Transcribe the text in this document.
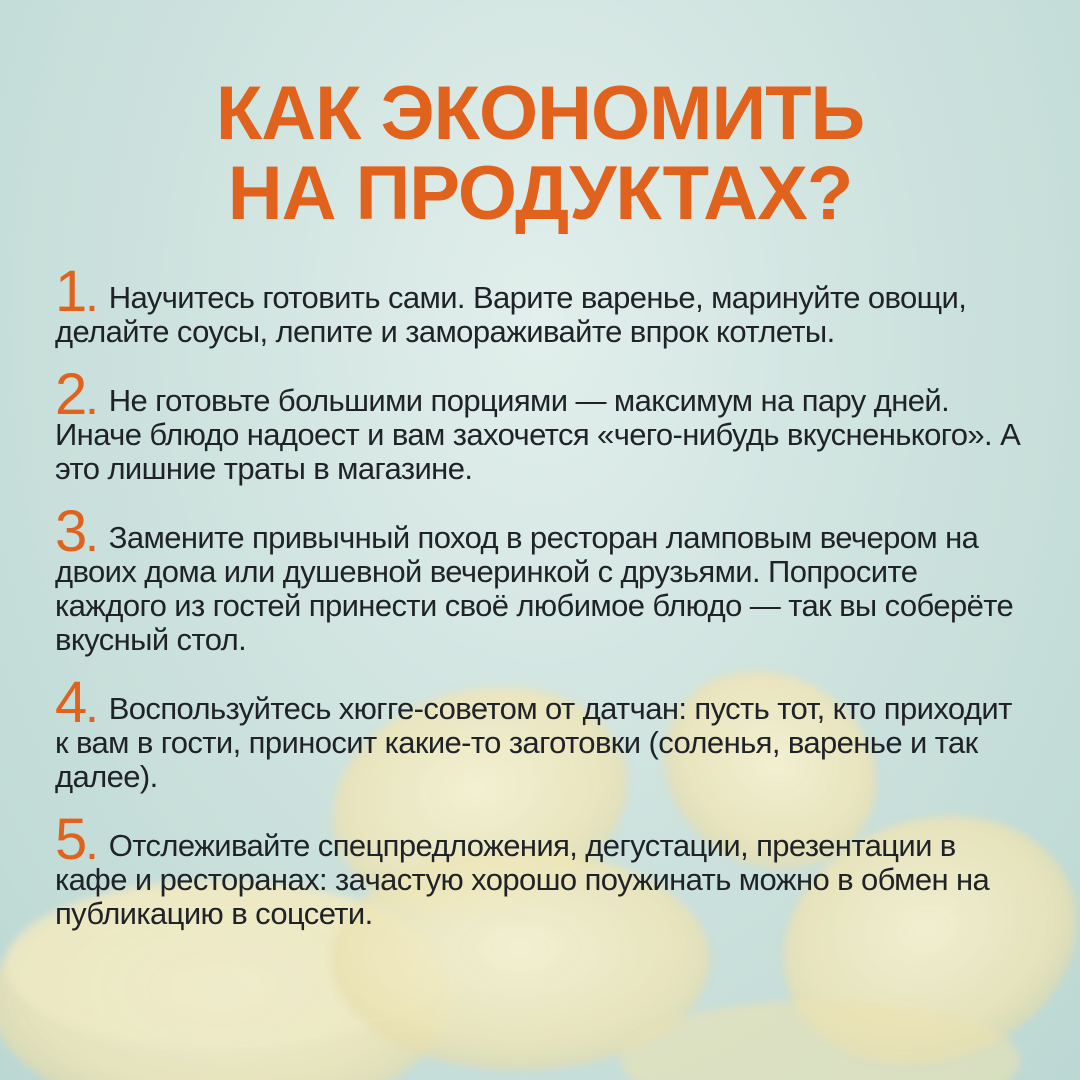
КАК ЭКОНОМИТЬ
НА ПРОДУКТАХ?
1. Научитесь готовить сами. Варите варенье, маринуйте овощи, делайте соусы, лепите и замораживайте впрок котлеты.
2. Не готовьте большими порциями — максимум на пару дней. Иначе блюдо надоест и вам захочется «чего-нибудь вкусненького». А это лишние траты в магазине.
3. Замените привычный поход в ресторан ламповым вечером на двоих дома или душевной вечеринкой с друзьями. Попросите каждого из гостей принести своё любимое блюдо — так вы соберёте вкусный стол.
4. Воспользуйтесь хюгге-советом от датчан: пусть тот, кто приходит к вам в гости, приносит какие-то заготовки (соленья, варенье и так далее).
5. Отслеживайте спецпредложения, дегустации, презентации в кафе и ресторанах: зачастую хорошо поужинать можно в обмен на публикацию в соцсети.
